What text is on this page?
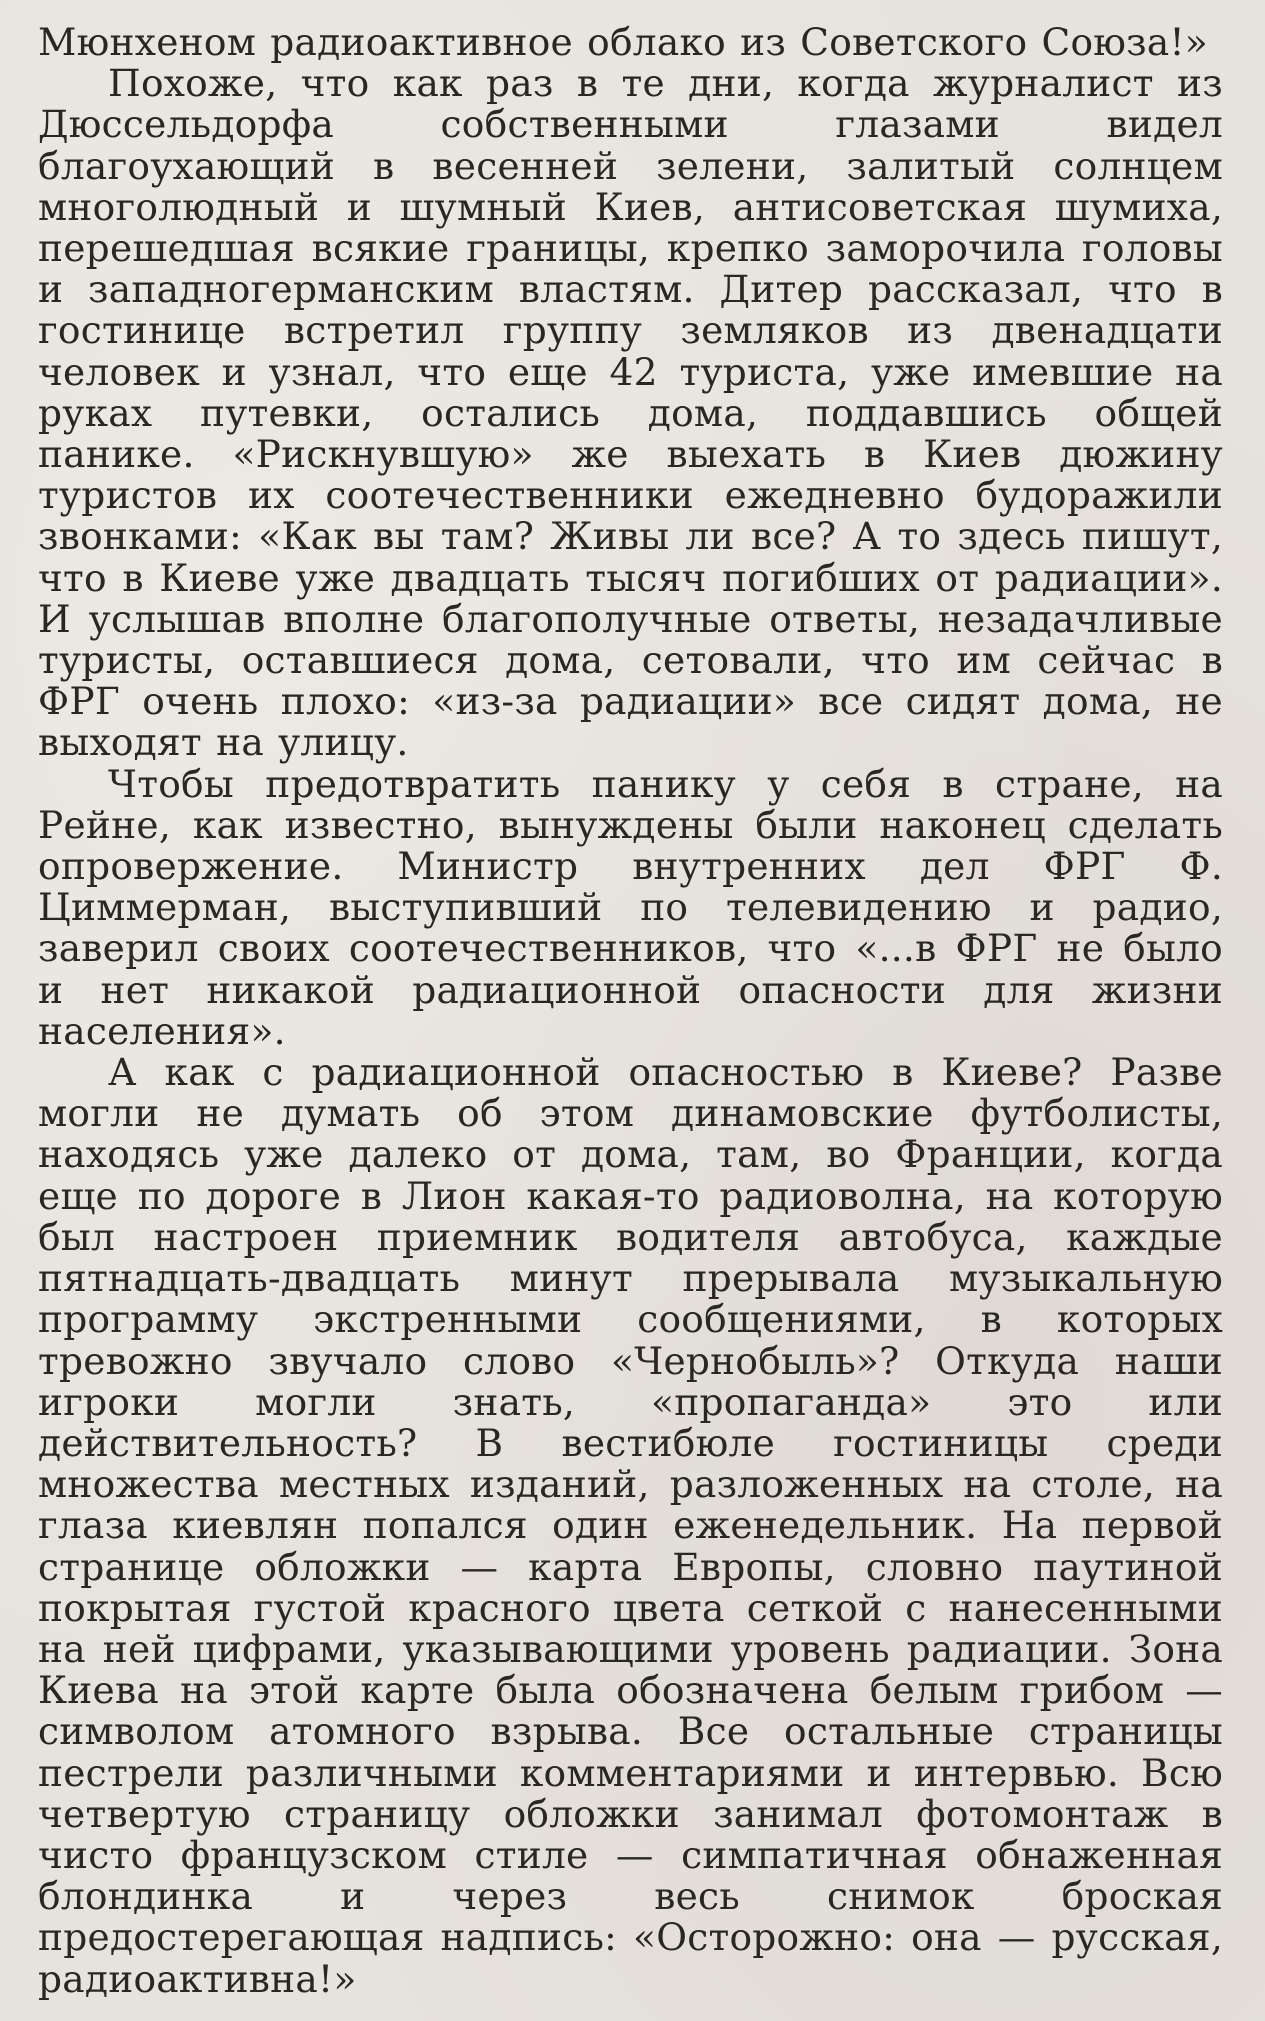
Мюнхеном радиоактивное облако из Советского Союза!»

Похоже, что как раз в те дни, когда журналист из Дюссельдорфа собственными глазами видел благоухающий в весенней зелени, залитый солнцем многолюдный и шумный Киев, антисоветская шумиха, перешедшая всякие границы, крепко заморочила головы и западногерманским властям. Дитер рассказал, что в гостинице встретил группу земляков из двенадцати человек и узнал, что еще 42 туриста, уже имевшие на руках путевки, остались дома, поддавшись общей панике. «Рискнувшую» же выехать в Киев дюжину туристов их соотечественники ежедневно будоражили звонками: «Как вы там? Живы ли все? А то здесь пишут, что в Киеве уже двадцать тысяч погибших от радиации». И услышав вполне благополучные ответы, незадачливые туристы, оставшиеся дома, сетовали, что им сейчас в ФРГ очень плохо: «из-за радиации» все сидят дома, не выходят на улицу.

Чтобы предотвратить панику у себя в стране, на Рейне, как известно, вынуждены были наконец сделать опровержение. Министр внутренних дел ФРГ Ф. Циммерман, выступивший по телевидению и радио, заверил своих соотечественников, что «...в ФРГ не было и нет никакой радиационной опасности для жизни населения».

А как с радиационной опасностью в Киеве? Разве могли не думать об этом динамовские футболисты, находясь уже далеко от дома, там, во Франции, когда еще по дороге в Лион какая-то радиоволна, на которую был настроен приемник водителя автобуса, каждые пятнадцать-двадцать минут прерывала музыкальную программу экстренными сообщениями, в которых тревожно звучало слово «Чернобыль»? Откуда наши игроки могли знать, «пропаганда» это или действительность? В вестибюле гостиницы среди множества местных изданий, разложенных на столе, на глаза киевлян попался один еженедельник. На первой странице обложки — карта Европы, словно паутиной покрытая густой красного цвета сеткой с нанесенными на ней цифрами, указывающими уровень радиации. Зона Киева на этой карте была обозначена белым грибом — символом атомного взрыва. Все остальные страницы пестрели различными комментариями и интервью. Всю четвертую страницу обложки занимал фотомонтаж в чисто французском стиле — симпатичная обнаженная блондинка и через весь снимок броская предостерегающая надпись: «Осторожно: она — русская, радиоактивна!»
